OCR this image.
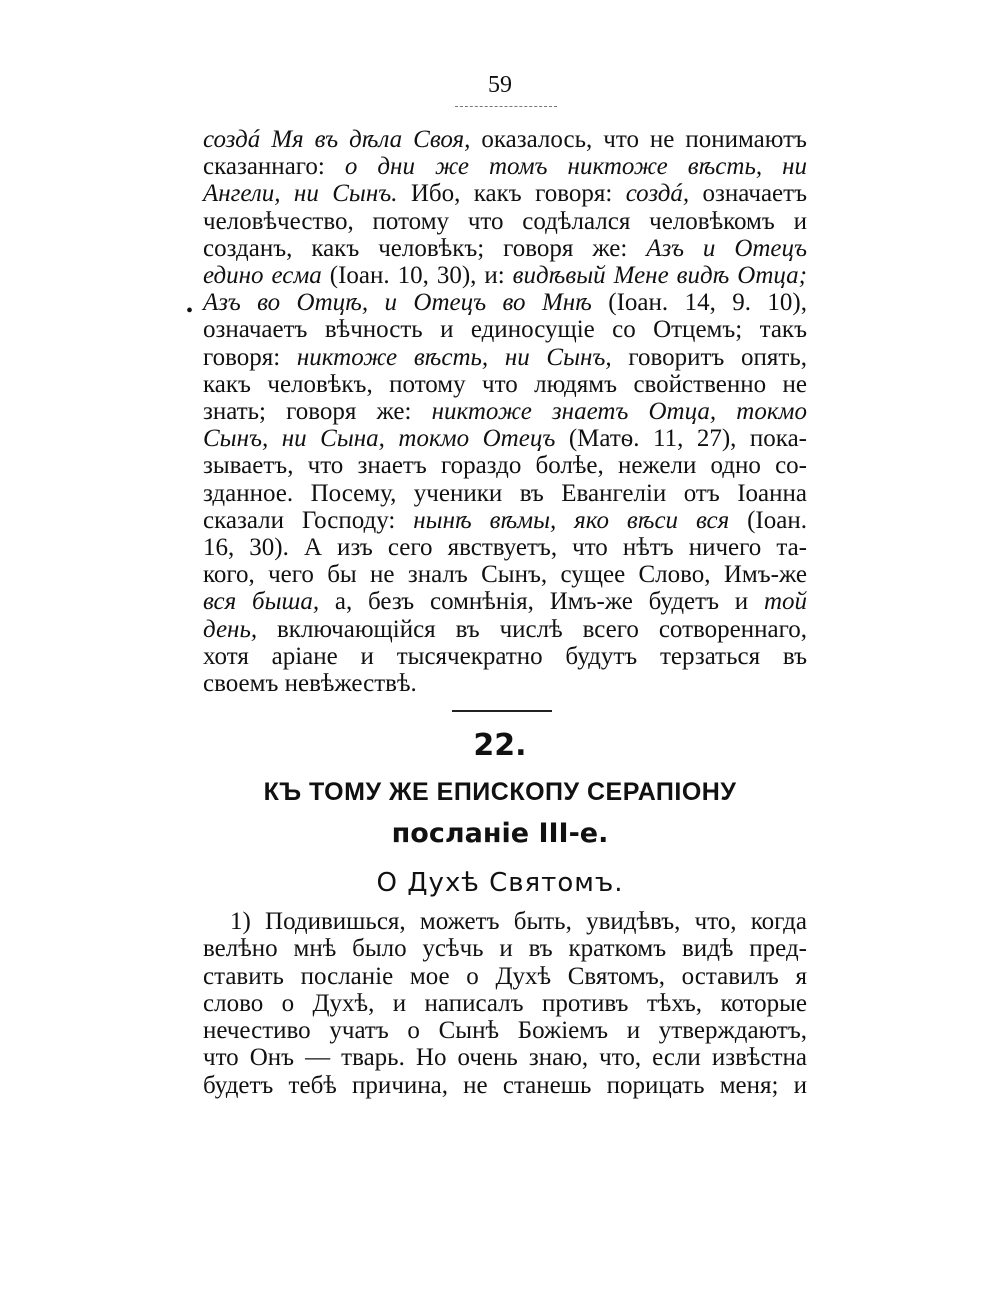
59
•
создá Мя въ дѣла Своя, оказалось, что не понимаютъ
сказаннаго: о дни же томъ никтоже вѣсть, ни
Ангели, ни Сынъ. Ибо, какъ говоря: создá, означаетъ
человѣчество, потому что содѣлался человѣкомъ и
созданъ, какъ человѣкъ; говоря же: Азъ и Отецъ
едино есма (Іоан. 10, 30), и: видѣвый Мене видѣ Отца;
Азъ во Отцѣ, и Отецъ во Мнѣ (Іоан. 14, 9. 10),
означаетъ вѣчность и единосущіе со Отцемъ; такъ
говоря: никтоже вѣсть, ни Сынъ, говоритъ опять,
какъ человѣкъ, потому что людямъ свойственно не
знать; говоря же: никтоже знаетъ Отца, токмо
Сынъ, ни Сына, токмо Отецъ (Матѳ. 11, 27), пока-
зываетъ, что знаетъ гораздо болѣе, нежели одно со-
зданное. Посему, ученики въ Евангеліи отъ Іоанна
сказали Господу: нынѣ вѣмы, яко вѣси вся (Іоан.
16, 30). А изъ сего явствуетъ, что нѣтъ ничего та-
кого, чего бы не зналъ Сынъ, сущее Слово, Имъ-же
вся быша, а, безъ сомнѣнія, Имъ-же будетъ и той
день, включающійся въ числѣ всего сотвореннаго,
хотя аріане и тысячекратно будутъ терзаться въ
своемъ невѣжествѣ.
22.
КЪ ТОМУ ЖЕ ЕПИСКОПУ СЕРАПІОНУ
посланіе III-е.
О Духѣ Святомъ.
1) Подивишься, можетъ быть, увидѣвъ, что, когда
велѣно мнѣ было усѣчь и въ краткомъ видѣ пред-
ставить посланіе мое о Духѣ Святомъ, оставилъ я
слово о Духѣ, и написалъ противъ тѣхъ, которые
нечестиво учатъ о Сынѣ Божіемъ и утверждаютъ,
что Онъ — тварь. Но очень знаю, что, если извѣстна
будетъ тебѣ причина, не станешь порицать меня; и
